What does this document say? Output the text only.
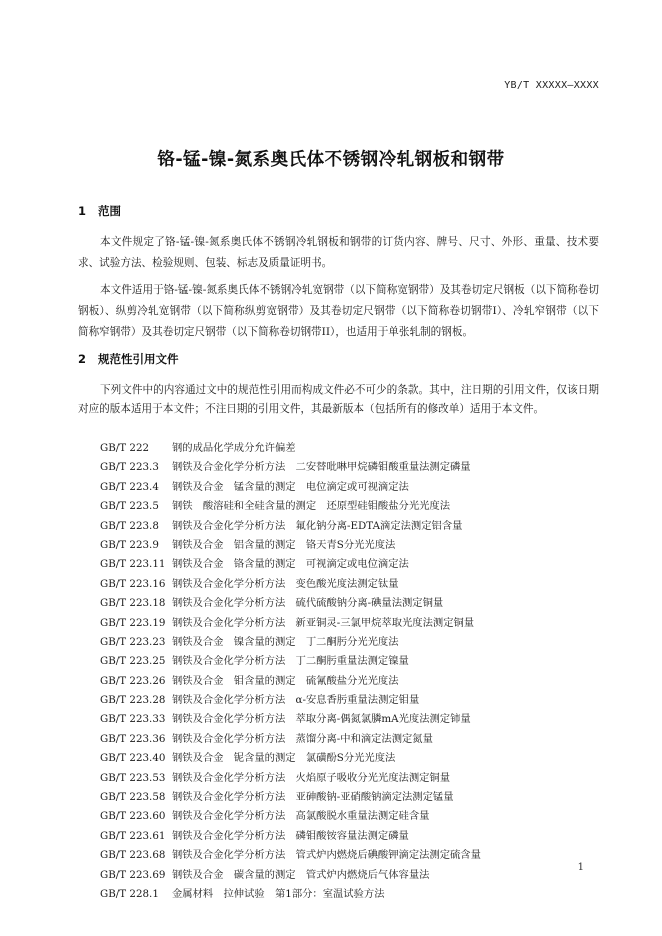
YB/T XXXXX—XXXX
铬-锰-镍-氮系奥氏体不锈钢冷轧钢板和钢带
1 范围
本文件规定了铬-锰-镍-氮系奥氏体不锈钢冷轧钢板和钢带的订货内容、牌号、尺寸、外形、重量、技术要求、试验方法、检验规则、包装、标志及质量证明书。
本文件适用于铬-锰-镍-氮系奥氏体不锈钢冷轧宽钢带（以下简称宽钢带）及其卷切定尺钢板（以下简称卷切钢板）、纵剪冷轧宽钢带（以下简称纵剪宽钢带）及其卷切定尺钢带（以下简称卷切钢带I）、冷轧窄钢带（以下简称窄钢带）及其卷切定尺钢带（以下简称卷切钢带II），也适用于单张轧制的钢板。
2 规范性引用文件
下列文件中的内容通过文中的规范性引用而构成文件必不可少的条款。其中，注日期的引用文件，仅该日期对应的版本适用于本文件；不注日期的引用文件，其最新版本（包括所有的修改单）适用于本文件。
GB/T 222 钢的成品化学成分允许偏差
GB/T 223.3 钢铁及合金化学分析方法　二安替吡啉甲烷磷钼酸重量法测定磷量
GB/T 223.4 钢铁及合金　锰含量的测定　电位滴定或可视滴定法
GB/T 223.5 钢铁　酸溶硅和全硅含量的测定　还原型硅钼酸盐分光光度法
GB/T 223.8 钢铁及合金化学分析方法　氟化钠分离-EDTA滴定法测定铝含量
GB/T 223.9 钢铁及合金　铝含量的测定　铬天青S分光光度法
GB/T 223.11 钢铁及合金　铬含量的测定　可视滴定或电位滴定法
GB/T 223.16 钢铁及合金化学分析方法　变色酸光度法测定钛量
GB/T 223.18 钢铁及合金化学分析方法　硫代硫酸钠分离-碘量法测定铜量
GB/T 223.19 钢铁及合金化学分析方法　新亚铜灵-三氯甲烷萃取光度法测定铜量
GB/T 223.23 钢铁及合金　镍含量的测定　丁二酮肟分光光度法
GB/T 223.25 钢铁及合金化学分析方法　丁二酮肟重量法测定镍量
GB/T 223.26 钢铁及合金　钼含量的测定　硫氰酸盐分光光度法
GB/T 223.28 钢铁及合金化学分析方法　α-安息香肟重量法测定钼量
GB/T 223.33 钢铁及合金化学分析方法　萃取分离-偶氮氯膦mA光度法测定铈量
GB/T 223.36 钢铁及合金化学分析方法　蒸馏分离-中和滴定法测定氮量
GB/T 223.40 钢铁及合金　铌含量的测定　氯磺酚S分光光度法
GB/T 223.53 钢铁及合金化学分析方法　火焰原子吸收分光光度法测定铜量
GB/T 223.58 钢铁及合金化学分析方法　亚砷酸钠-亚硝酸钠滴定法测定锰量
GB/T 223.60 钢铁及合金化学分析方法　高氯酸脱水重量法测定硅含量
GB/T 223.61 钢铁及合金化学分析方法　磷钼酸铵容量法测定磷量
GB/T 223.68 钢铁及合金化学分析方法　管式炉内燃烧后碘酸钾滴定法测定硫含量
GB/T 223.69 钢铁及合金　碳含量的测定　管式炉内燃烧后气体容量法
GB/T 228.1 金属材料　拉伸试验　第1部分：室温试验方法
1
